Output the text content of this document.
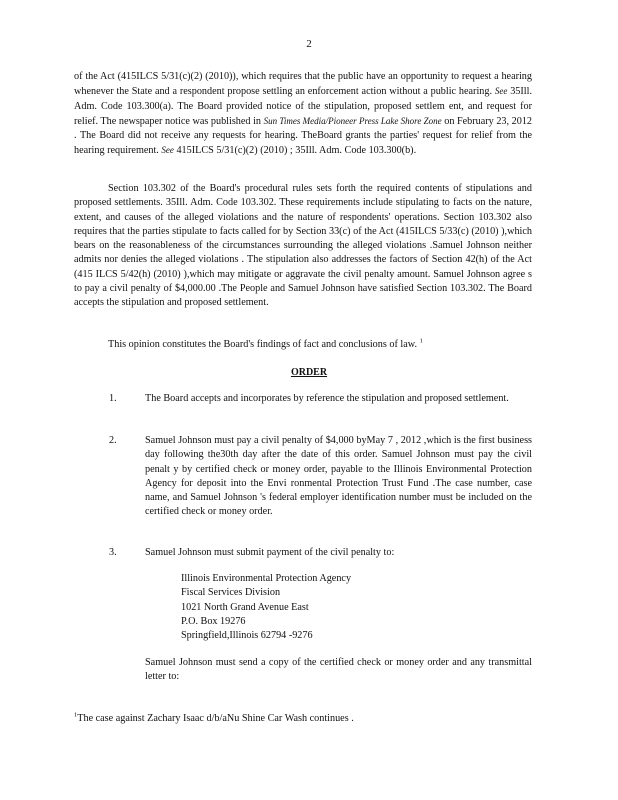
2
of the Act (415ILCS 5/31(c)(2) (2010)), which requires that the public have an opportunity to request a hearing whenever the State and a respondent propose settling an enforcement action without a public hearing. See 35Ill. Adm. Code 103.300(a). The Board provided notice of the stipulation, proposed settlem ent, and request for relief. The newspaper notice was published in Sun Times Media/Pioneer Press Lake Shore Zone on February 23, 2012 . The Board did not receive any requests for hearing. TheBoard grants the parties' request for relief from the hearing requirement. See 415ILCS 5/31(c)(2) (2010) ; 35Ill. Adm. Code 103.300(b).
Section 103.302 of the Board's procedural rules sets forth the required contents of stipulations and proposed settlements. 35Ill. Adm. Code 103.302. These requirements include stipulating to facts on the nature, extent, and causes of the alleged violations and the nature of respondents' operations. Section 103.302 also requires that the parties stipulate to facts called for by Section 33(c) of the Act (415ILCS 5/33(c) (2010) ),which bears on the reasonableness of the circumstances surrounding the alleged violations .Samuel Johnson neither admits nor denies the alleged violations . The stipulation also addresses the factors of Section 42(h) of the Act (415 ILCS 5/42(h) (2010) ),which may mitigate or aggravate the civil penalty amount. Samuel Johnson agree s to pay a civil penalty of $4,000.00 .The People and Samuel Johnson have satisfied Section 103.302. The Board accepts the stipulation and proposed settlement.
This opinion constitutes the Board's findings of fact and conclusions of law. $^1$
ORDER
1.	The Board accepts and incorporates by reference the stipulation and proposed settlement.
2.	Samuel Johnson must pay a civil penalty of $4,000 byMay 7 , 2012 ,which is the first business day following the30th day after the date of this order. Samuel Johnson must pay the civil penalt y by certified check or money order, payable to the Illinois Environmental Protection Agency for deposit into the Envi ronmental Protection Trust Fund .The case number, case name, and Samuel Johnson 's federal employer identification number must be included on the certified check or money order.
3.	Samuel Johnson must submit payment of the civil penalty to:
Illinois Environmental Protection Agency
Fiscal Services Division
1021 North Grand Avenue East
P.O. Box 19276
Springfield,Illinois 62794 -9276
Samuel Johnson must send a copy of the certified check or money order and any transmittal letter to:
$^1$The case against Zachary Isaac d/b/aNu Shine Car Wash continues .
